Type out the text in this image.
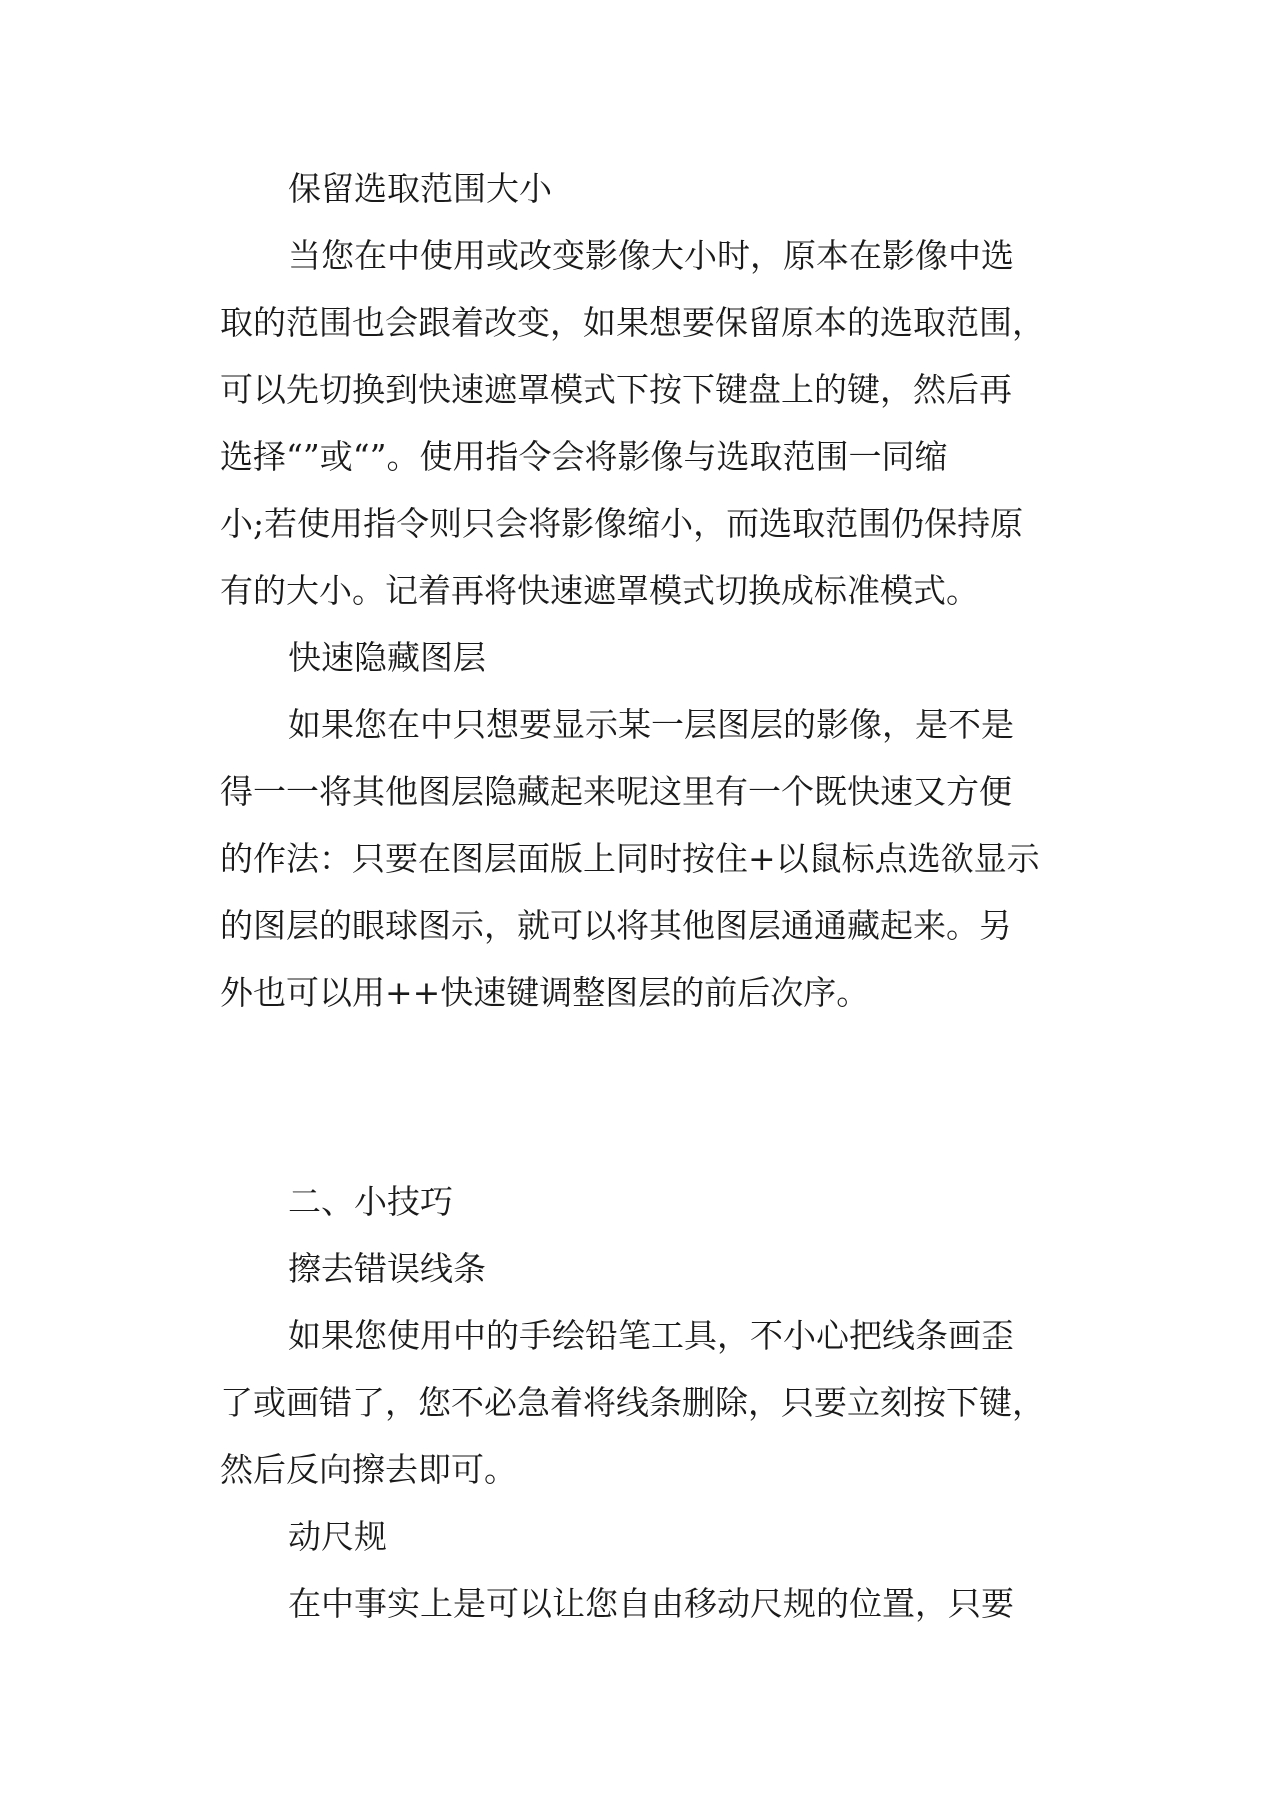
保留选取范围大小
当您在中使用或改变影像大小时，原本在影像中选
取的范围也会跟着改变，如果想要保留原本的选取范围，
可以先切换到快速遮罩模式下按下键盘上的键，然后再
选择“”或“”。使用指令会将影像与选取范围一同缩
小;若使用指令则只会将影像缩小，而选取范围仍保持原
有的大小。记着再将快速遮罩模式切换成标准模式。
快速隐藏图层
如果您在中只想要显示某一层图层的影像，是不是
得一一将其他图层隐藏起来呢这里有一个既快速又方便
的作法：只要在图层面版上同时按住+以鼠标点选欲显示
的图层的眼球图示，就可以将其他图层通通藏起来。另
外也可以用++快速键调整图层的前后次序。
二、小技巧
擦去错误线条
如果您使用中的手绘铅笔工具，不小心把线条画歪
了或画错了，您不必急着将线条删除，只要立刻按下键，
然后反向擦去即可。
动尺规
在中事实上是可以让您自由移动尺规的位置，只要
